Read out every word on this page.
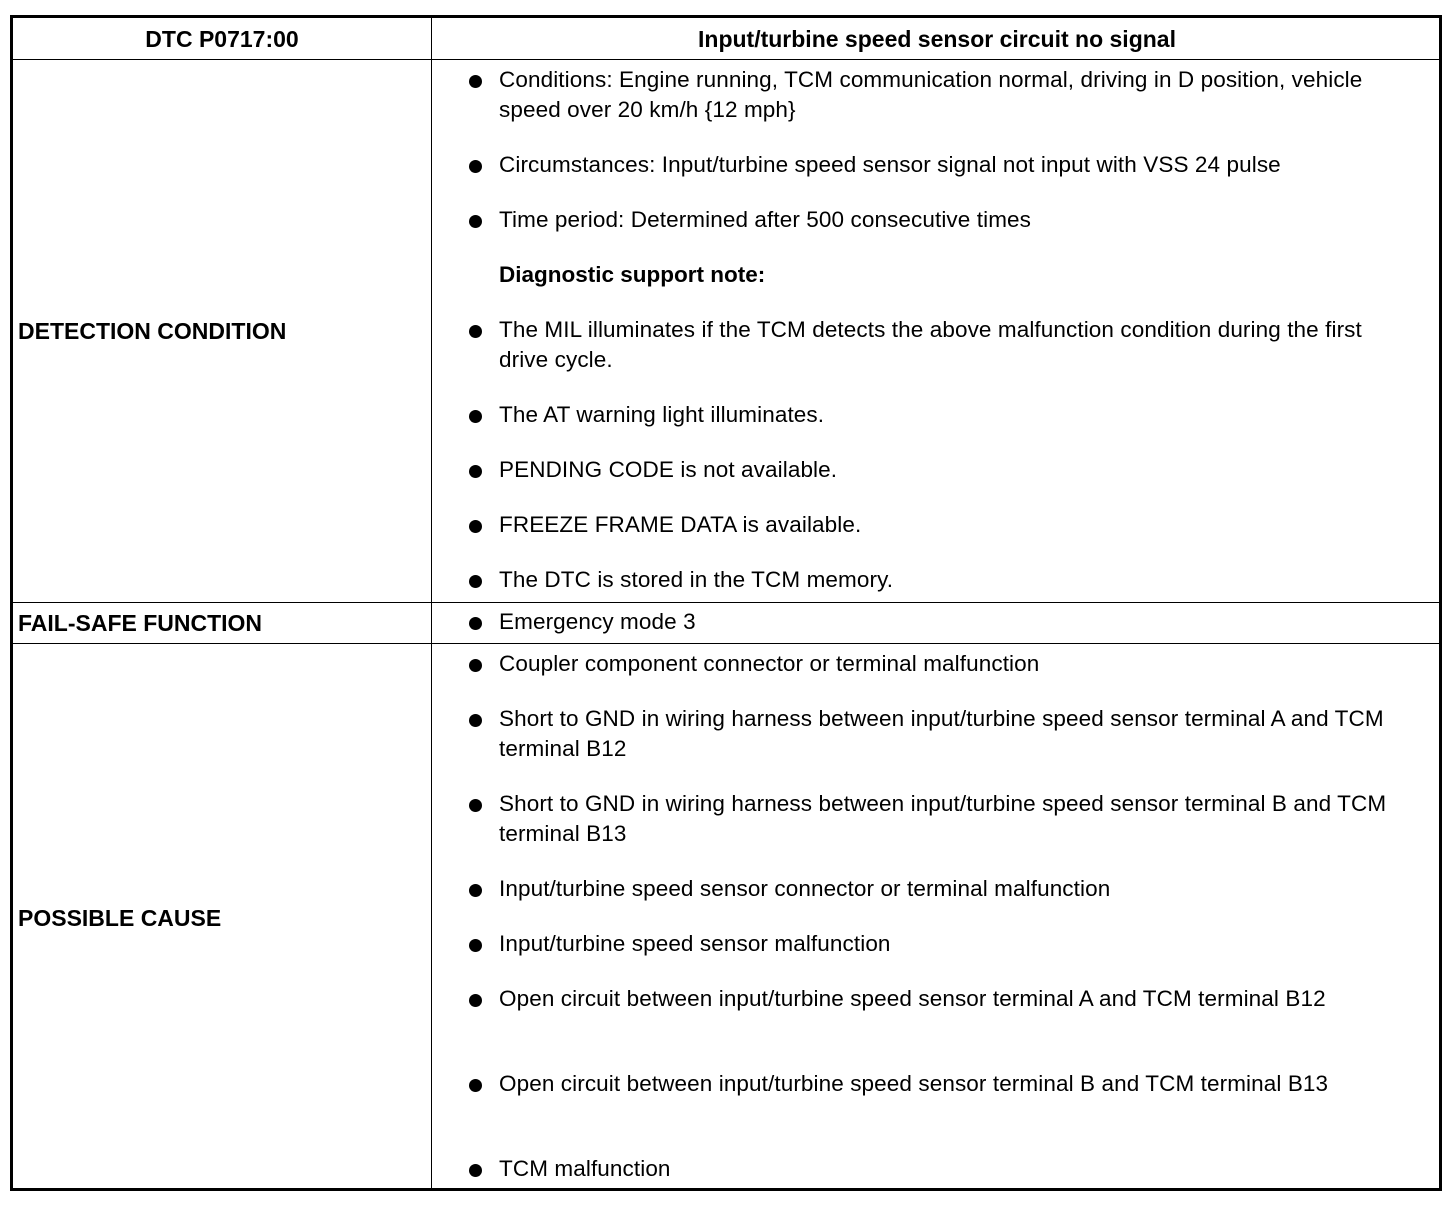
DTC P0717:00	Input/turbine speed sensor circuit no signal
DETECTION CONDITION
FAIL-SAFE FUNCTION
POSSIBLE CAUSE
Conditions: Engine running, TCM communication normal, driving in D position, vehicle speed over 20 km/h {12 mph}
Circumstances: Input/turbine speed sensor signal not input with VSS 24 pulse
Time period: Determined after 500 consecutive times
Diagnostic support note:
The MIL illuminates if the TCM detects the above malfunction condition during the first drive cycle.
The AT warning light illuminates.
PENDING CODE is not available.
FREEZE FRAME DATA is available.
The DTC is stored in the TCM memory.
Emergency mode 3
Coupler component connector or terminal malfunction
Short to GND in wiring harness between input/turbine speed sensor terminal A and TCM terminal B12
Short to GND in wiring harness between input/turbine speed sensor terminal B and TCM terminal B13
Input/turbine speed sensor connector or terminal malfunction
Input/turbine speed sensor malfunction
Open circuit between input/turbine speed sensor terminal A and TCM terminal B12
Open circuit between input/turbine speed sensor terminal B and TCM terminal B13
TCM malfunction
